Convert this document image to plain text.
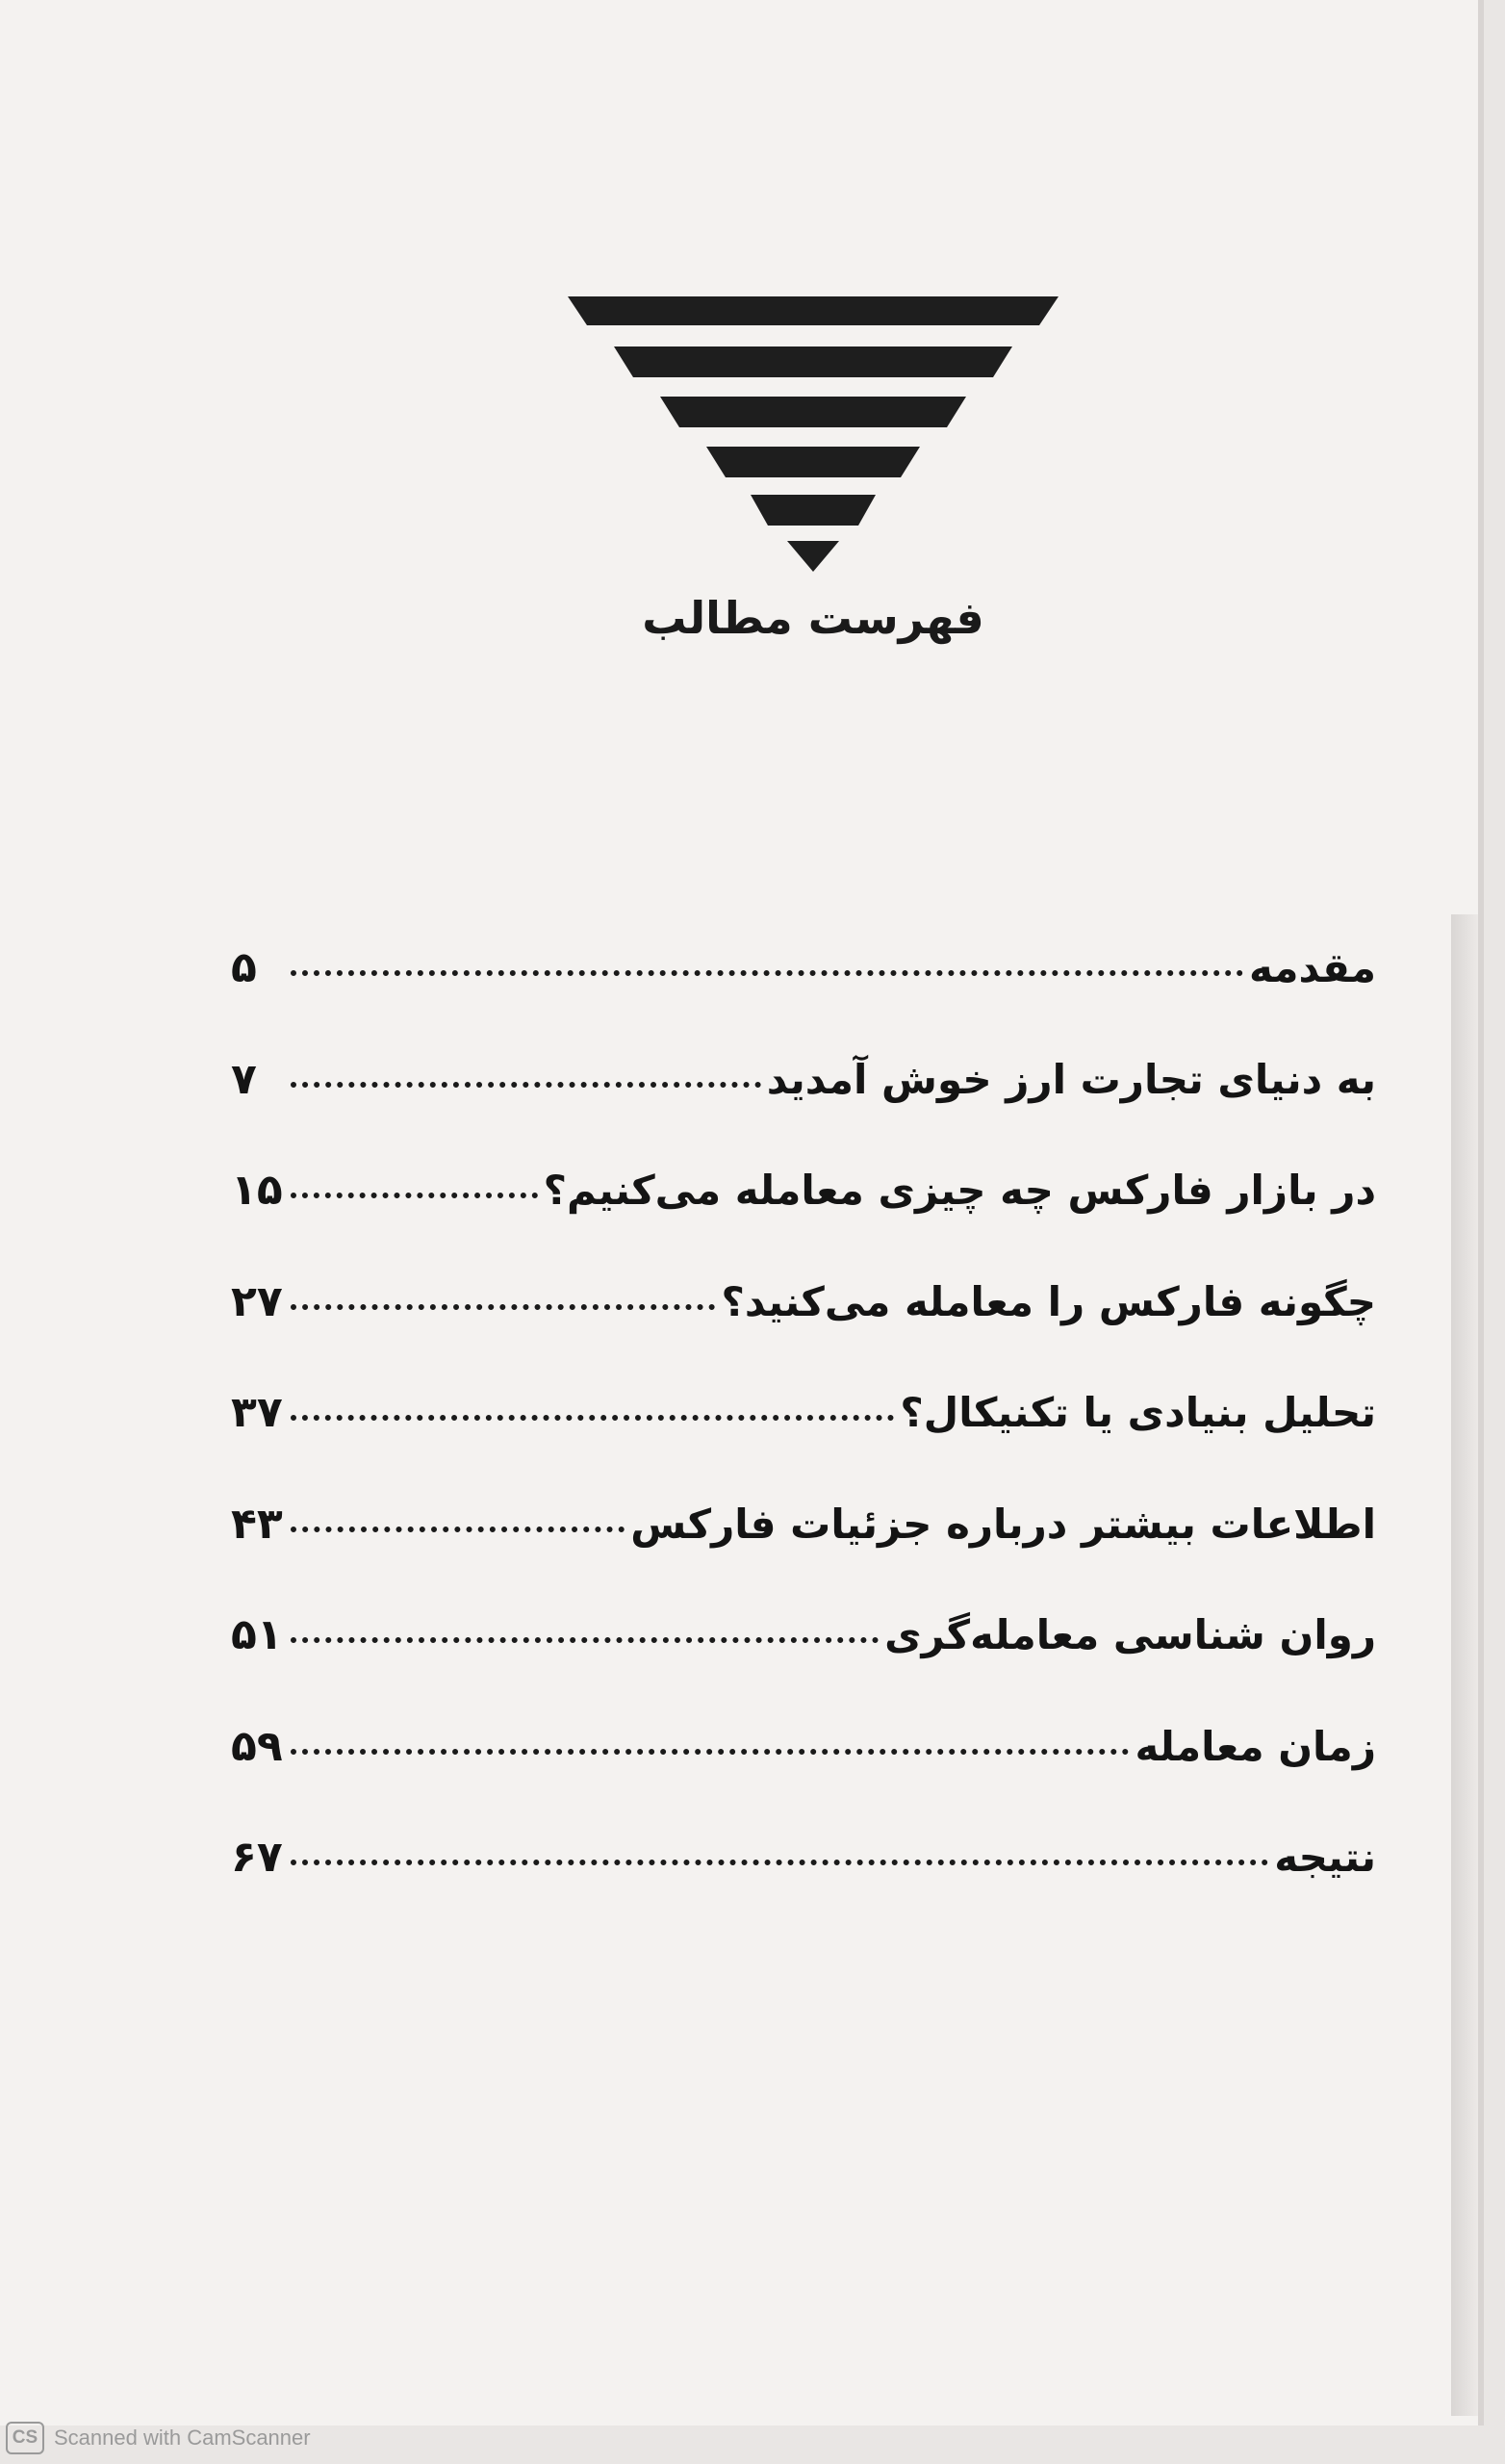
فهرست مطالب
مقدمه
۵
به دنیای تجارت ارز خوش آمدید
۷
در بازار فارکس چه چیزی معامله می‌کنیم؟
۱۵
چگونه فارکس را معامله می‌کنید؟
۲۷
تحلیل بنیادی یا تکنیکال؟
۳۷
اطلاعات بیشتر درباره جزئیات فارکس
۴۳
روان شناسی معامله‌گری
۵۱
زمان معامله
۵۹
نتیجه
۶۷
CS Scanned with CamScanner
